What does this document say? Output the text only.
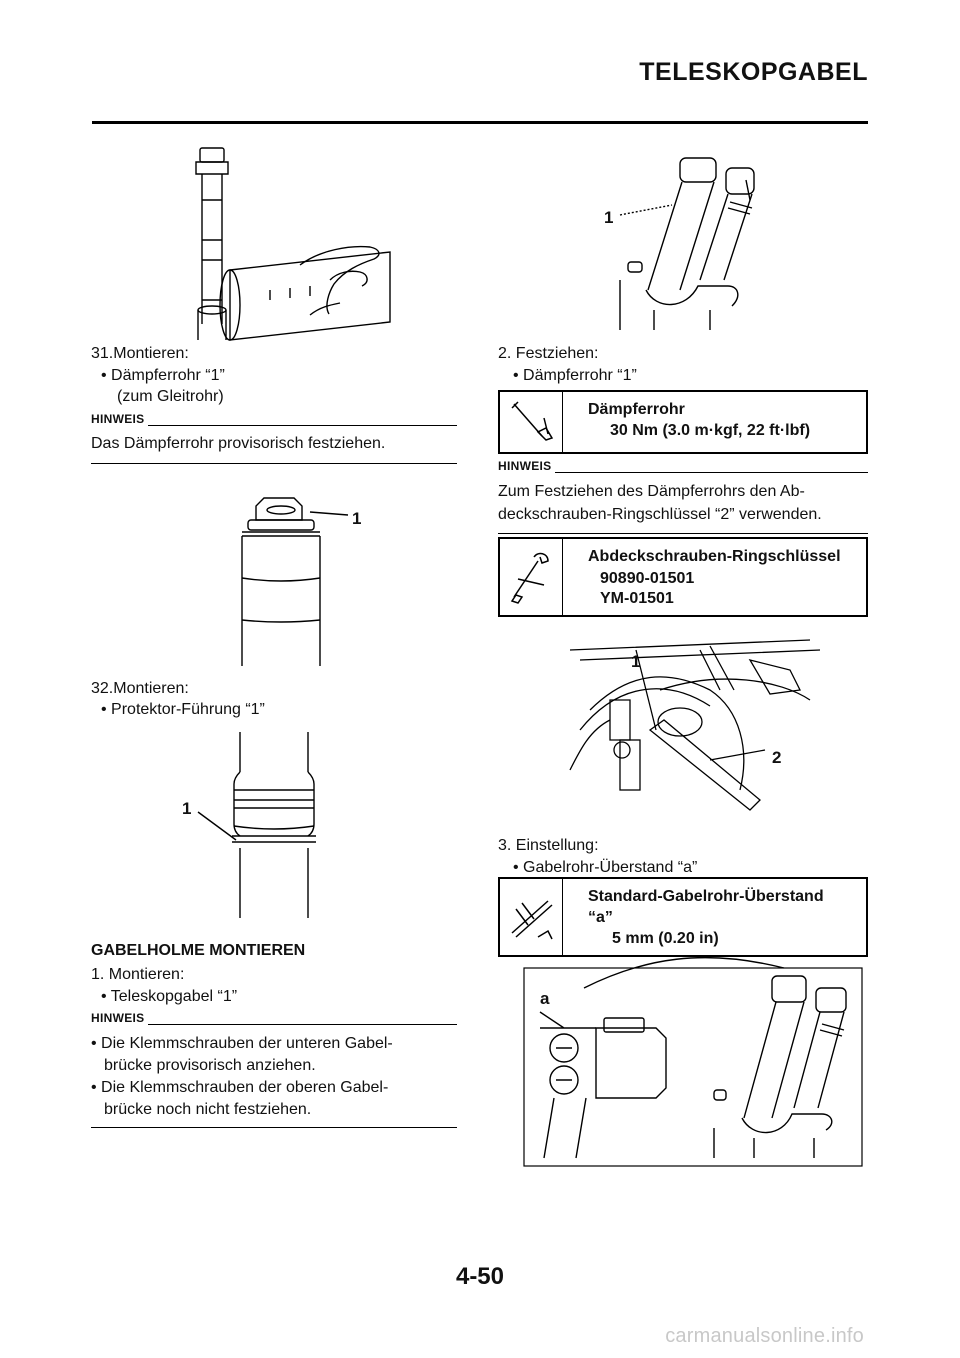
TELESKOPGABEL
31.Montieren:
• Dämpferrohr “1”
(zum Gleitrohr)
HINWEIS
Das Dämpferrohr provisorisch festziehen.
1
32.Montieren:
• Protektor-Führung “1”
1
GABELHOLME MONTIEREN
1. Montieren:
• Teleskopgabel “1”
HINWEIS
• Die Klemmschrauben der unteren Gabel-
brücke provisorisch anziehen.
• Die Klemmschrauben der oberen Gabel-
brücke noch nicht festziehen.
1
2. Festziehen:
• Dämpferrohr “1”
Dämpferrohr
30 Nm (3.0 m·kgf, 22 ft·lbf)
HINWEIS
Zum Festziehen des Dämpferrohrs den Ab-
deckschrauben-Ringschlüssel “2” verwenden.
Abdeckschrauben-Ringschlüssel
90890-01501
YM-01501
1
2
3. Einstellung:
• Gabelrohr-Überstand “a”
Standard-Gabelrohr-Überstand
“a”
5 mm (0.20 in)
a
4-50
carmanualsonline.info
